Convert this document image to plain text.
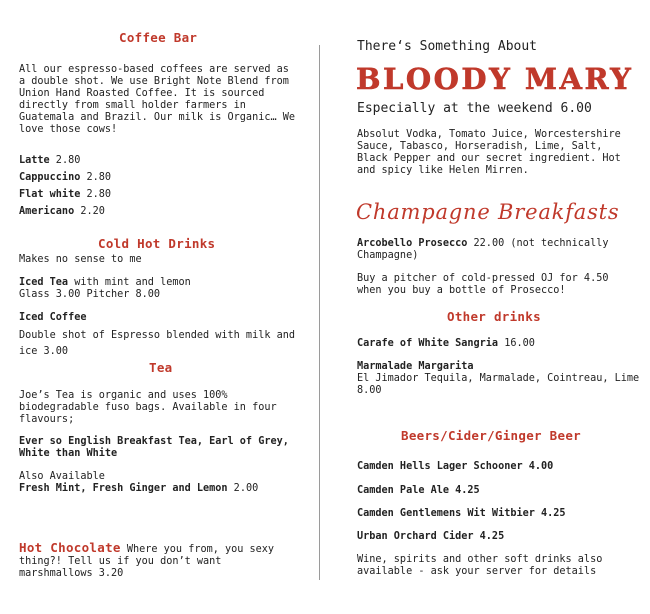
Coffee Bar
All our espresso-based coffees are served as a double shot. We use Bright Note Blend from Union Hand Roasted Coffee. It is sourced directly from small holder farmers in Guatemala and Brazil. Our milk is Organic… We love those cows!
Latte 2.80
Cappuccino 2.80
Flat white 2.80
Americano 2.20
Cold Hot Drinks
Makes no sense to me
Iced Tea with mint and lemon
Glass 3.00 Pitcher 8.00
Iced Coffee
Double shot of Espresso blended with milk and ice 3.00
Tea
Joe’s Tea is organic and uses 100% biodegradable fuso bags. Available in four flavours;
Ever so English Breakfast Tea, Earl of Grey, White than White
Also Available
Fresh Mint, Fresh Ginger and Lemon 2.00
Hot Chocolate Where you from, you sexy thing?! Tell us if you don’t want marshmallows 3.20
There‘s Something About
BLOODY MARY
Especially at the weekend 6.00
Absolut Vodka, Tomato Juice, Worcestershire Sauce, Tabasco, Horseradish, Lime, Salt, Black Pepper and our secret ingredient. Hot and spicy like Helen Mirren.
Champagne Breakfasts
Arcobello Prosecco 22.00 (not technically Champagne)
Buy a pitcher of cold-pressed OJ for 4.50 when you buy a bottle of Prosecco!
Other drinks
Carafe of White Sangria 16.00
Marmalade Margarita
El Jimador Tequila, Marmalade, Cointreau, Lime 8.00
Beers/Cider/Ginger Beer
Camden Hells Lager Schooner 4.00
Camden Pale Ale 4.25
Camden Gentlemens Wit Witbier 4.25
Urban Orchard Cider 4.25
Wine, spirits and other soft drinks also available - ask your server for details
